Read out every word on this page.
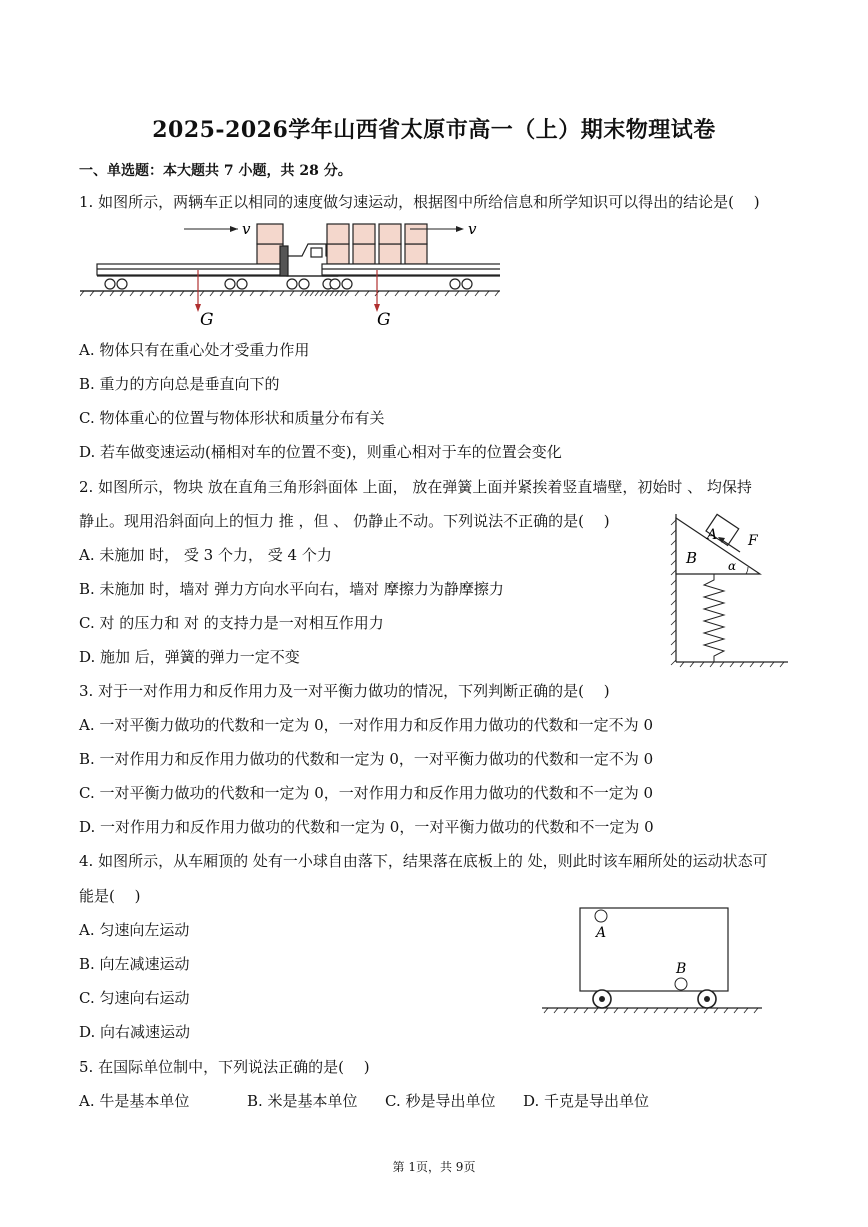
2025-2026学年山西省太原市高一（上）期末物理试卷
一、单选题：本大题共 7 小题，共 28 分。
1. 如图所示，两辆车正以相同的速度做匀速运动，根据图中所给信息和所学知识可以得出的结论是(　 )
v
G
v
G
A. 物体只有在重心处才受重力作用
B. 重力的方向总是垂直向下的
C. 物体重心的位置与物体形状和质量分布有关
D. 若车做变速运动(桶相对车的位置不变)，则重心相对于车的位置会变化
2. 如图所示，物块 放在直角三角形斜面体 上面， 放在弹簧上面并紧挨着竖直墙壁，初始时 、 均保持
静止。现用沿斜面向上的恒力 推 ，但 、 仍静止不动。下列说法不正确的是(　 )
A. 未施加 时， 受 3 个力， 受 4 个力
B. 未施加 时，墙对 弹力方向水平向右，墙对 摩擦力为静摩擦力
C. 对 的压力和 对 的支持力是一对相互作用力
D. 施加 后，弹簧的弹力一定不变
A
B
F
α
3. 对于一对作用力和反作用力及一对平衡力做功的情况，下列判断正确的是(　 )
A. 一对平衡力做功的代数和一定为 0，一对作用力和反作用力做功的代数和一定不为 0
B. 一对作用力和反作用力做功的代数和一定为 0，一对平衡力做功的代数和一定不为 0
C. 一对平衡力做功的代数和一定为 0，一对作用力和反作用力做功的代数和不一定为 0
D. 一对作用力和反作用力做功的代数和一定为 0，一对平衡力做功的代数和不一定为 0
4. 如图所示，从车厢顶的 处有一小球自由落下，结果落在底板上的 处，则此时该车厢所处的运动状态可
能是(　 )
A. 匀速向左运动
B. 向左减速运动
C. 匀速向右运动
D. 向右减速运动
A
B
5. 在国际单位制中，下列说法正确的是(　 )
A. 牛是基本单位	B. 米是基本单位 C. 秒是导出单位 D. 千克是导出单位
第 1页，共 9页
